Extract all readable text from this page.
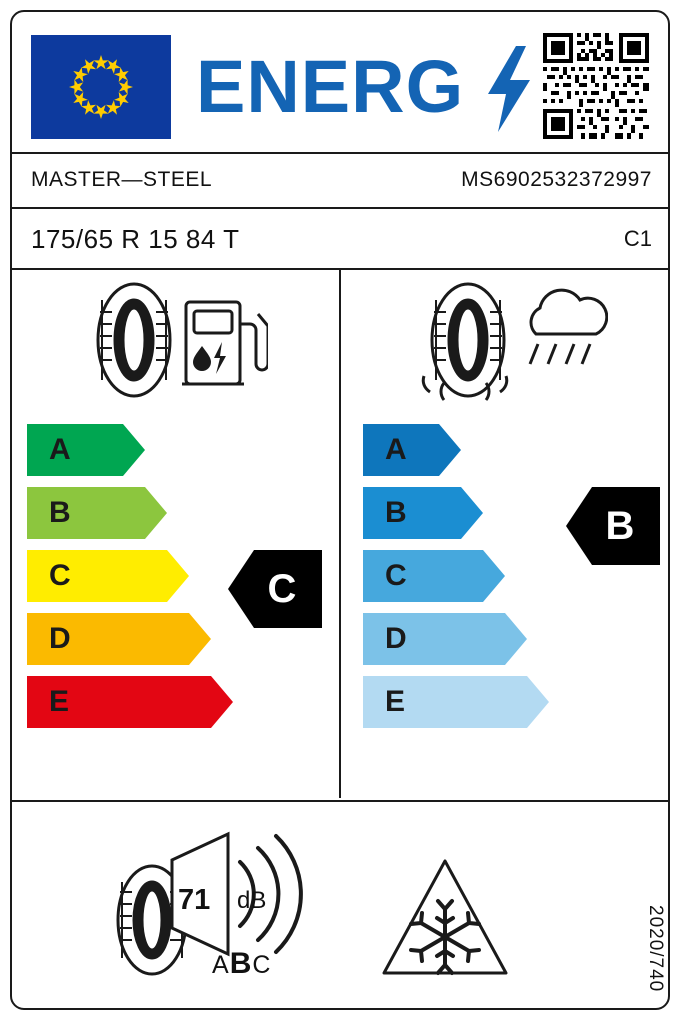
ENERG
MASTER—STEEL	MS6902532372997
175/65 R 15 84 T	C1
A
B
C
D
E
A
B
C
D
E
C
B
71 dB
ABC	2020/740
